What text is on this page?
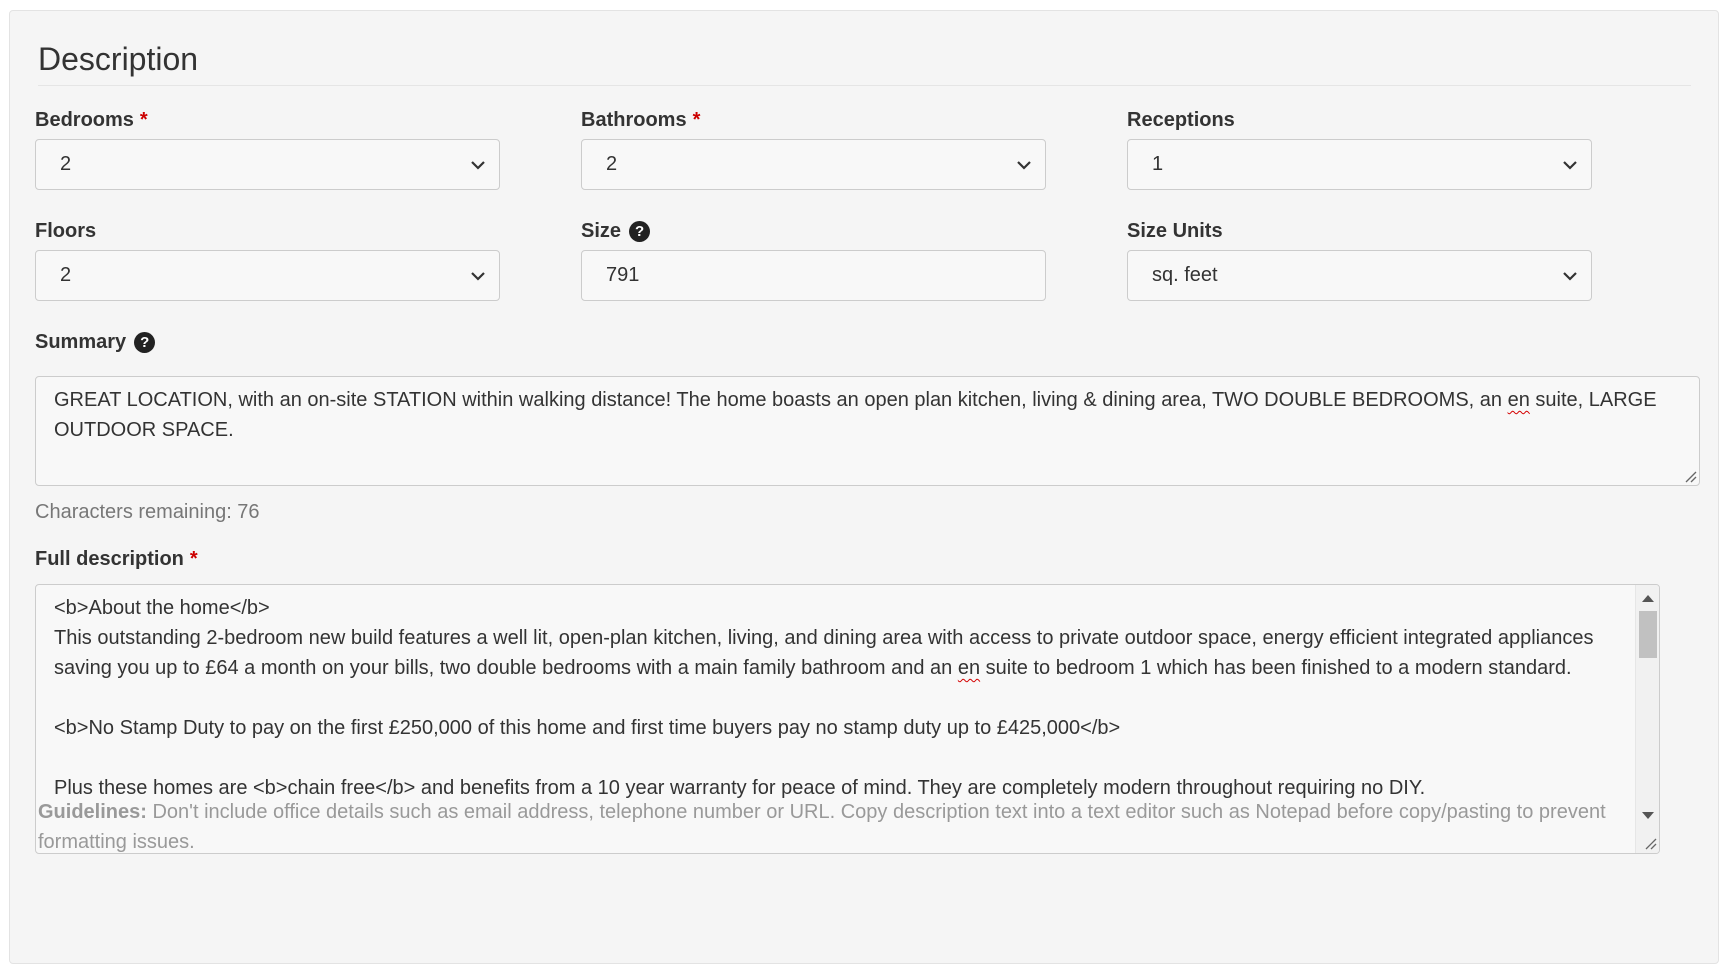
Description
Bedrooms *
2
Bathrooms *
2
Receptions
1
Floors
2
Size ?
791
Size Units
sq. feet
Summary ?
GREAT LOCATION, with an on-site STATION within walking distance! The home boasts an open plan kitchen, living & dining area, TWO DOUBLE BEDROOMS, an en suite, LARGE OUTDOOR SPACE.
Characters remaining: 76
Full description *
<b>About the home</b>
This outstanding 2-bedroom new build features a well lit, open-plan kitchen, living, and dining area with access to private outdoor space, energy efficient integrated appliances saving you up to £64 a month on your bills, two double bedrooms with a main family bathroom and an en suite to bedroom 1 which has been finished to a modern standard.
<b>No Stamp Duty to pay on the first £250,000 of this home and first time buyers pay no stamp duty up to £425,000</b>
Plus these homes are <b>chain free</b> and benefits from a 10 year warranty for peace of mind. They are completely modern throughout requiring no DIY.
Guidelines: Don't include office details such as email address, telephone number or URL. Copy description text into a text editor such as Notepad before copy/pasting to prevent formatting issues.
